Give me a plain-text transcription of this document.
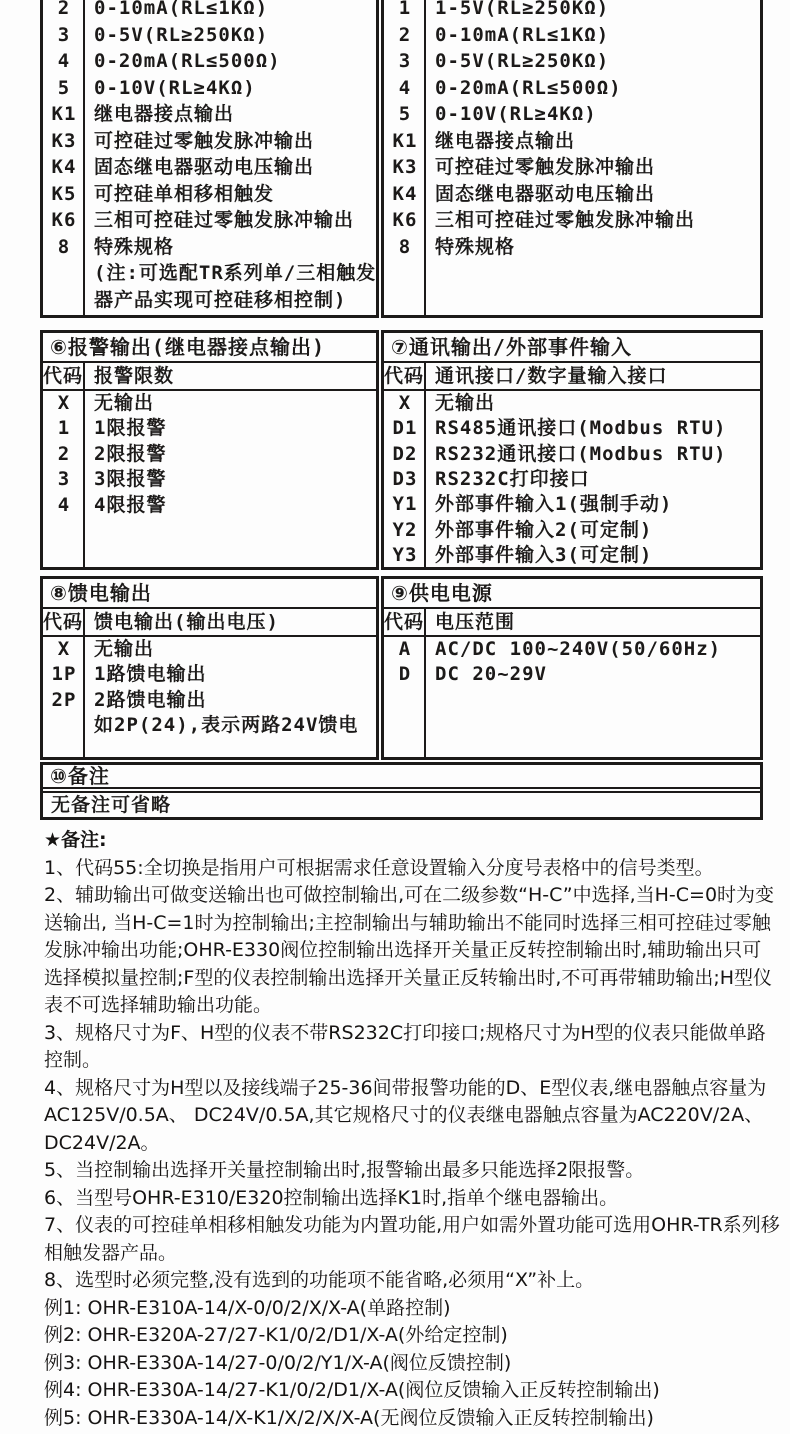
2	0-10mA(RL≤1KΩ)
3	0-5V(RL≥250KΩ)
4	0-20mA(RL≤500Ω)
5	0-10V(RL≥4KΩ)
K1 继电器接点输出
K3 可控硅过零触发脉冲输出
K4 固态继电器驱动电压输出
K5 可控硅单相移相触发
K6 三相可控硅过零触发脉冲输出
8	特殊规格
(注:可选配TR系列单/三相触发
器产品实现可控硅移相控制)
1	1-5V(RL≥250KΩ)
2	0-10mA(RL≤1KΩ)
3	0-5V(RL≥250KΩ)
4	0-20mA(RL≤500Ω)
5	0-10V(RL≥4KΩ)
K1 继电器接点输出
K3 可控硅过零触发脉冲输出
K4 固态继电器驱动电压输出
K6 三相可控硅过零触发脉冲输出
8	特殊规格
⑥报警输出(继电器接点输出)
代码 报警限数
X	无输出
1	1限报警
2	2限报警
3	3限报警
4	4限报警
⑦通讯输出/外部事件输入
代码 通讯接口/数字量输入接口
X	无输出
D1 RS485通讯接口(Modbus RTU)
D2 RS232通讯接口(Modbus RTU)
D3 RS232C打印接口
Y1 外部事件输入1(强制手动)
Y2 外部事件输入2(可定制)
Y3 外部事件输入3(可定制)
⑧馈电输出
代码 馈电输出(输出电压)
X	无输出
1P 1路馈电输出
2P 2路馈电输出
如2P(24),表示两路24V馈电
⑨供电电源
代码 电压范围
A	AC/DC 100~240V(50/60Hz)
D	DC 20~29V
⑩备注
无备注可省略
★备注:
1、代码55:全切换是指用户可根据需求任意设置输入分度号表格中的信号类型。
2、辅助输出可做变送输出也可做控制输出,可在二级参数“H-C”中选择,当H-C=0时为变送输出, 当H-C=1时为控制输出;主控制输出与辅助输出不能同时选择三相可控硅过零触发脉冲输出功能;OHR-E330阀位控制输出选择开关量正反转控制输出时,辅助输出只可选择模拟量控制;F型的仪表控制输出选择开关量正反转输出时,不可再带辅助输出;H型仪表不可选择辅助输出功能。
3、规格尺寸为F、H型的仪表不带RS232C打印接口;规格尺寸为H型的仪表只能做单路控制。
4、规格尺寸为H型以及接线端子25-36间带报警功能的D、E型仪表,继电器触点容量为AC125V/0.5A、 DC24V/0.5A,其它规格尺寸的仪表继电器触点容量为AC220V/2A、DC24V/2A。
5、当控制输出选择开关量控制输出时,报警输出最多只能选择2限报警。
6、当型号OHR-E310/E320控制输出选择K1时,指单个继电器输出。
7、仪表的可控硅单相移相触发功能为内置功能,用户如需外置功能可选用OHR-TR系列移相触发器产品。
8、选型时必须完整,没有选到的功能项不能省略,必须用“X”补上。
例1: OHR-E310A-14/X-0/0/2/X/X-A(单路控制)
例2: OHR-E320A-27/27-K1/0/2/D1/X-A(外给定控制)
例3: OHR-E330A-14/27-0/0/2/Y1/X-A(阀位反馈控制)
例4: OHR-E330A-14/27-K1/0/2/D1/X-A(阀位反馈输入正反转控制输出)
例5: OHR-E330A-14/X-K1/X/2/X/X-A(无阀位反馈输入正反转控制输出)
